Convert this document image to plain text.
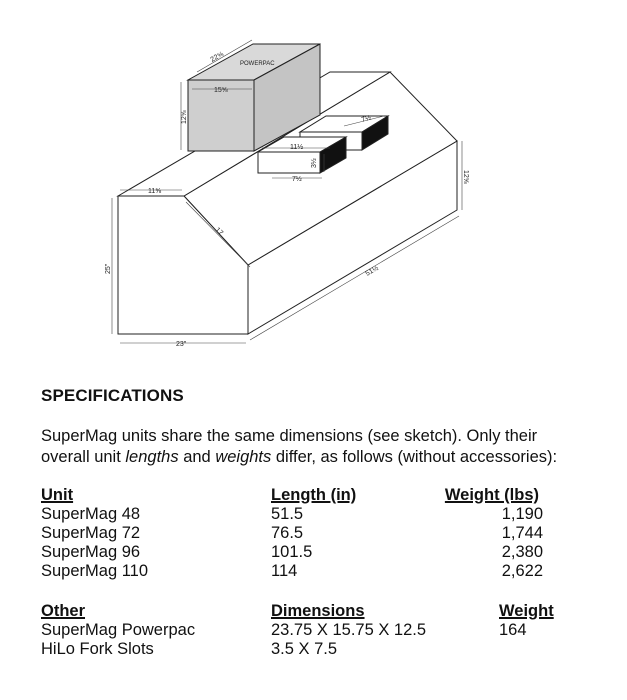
POWERPAC
22⅝
15⅝
12⅝
11½
7½
3½
7½
11⅝
17
25"
23"
51½
12⅝
SPECIFICATIONS

SuperMag units share the same dimensions (see sketch). Only their

overall unit lengths and weights differ, as follows (without accessories):

Unit	Length (in)	Weight (lbs)
SuperMag 48	51.5	1,190
SuperMag 72	76.5	1,744
SuperMag 96	101.5	2,380
SuperMag 110	114	2,622
Other	Dimensions	Weight
SuperMag Powerpac	23.75 X 15.75 X 12.5	164
HiLo Fork Slots	3.5 X 7.5
